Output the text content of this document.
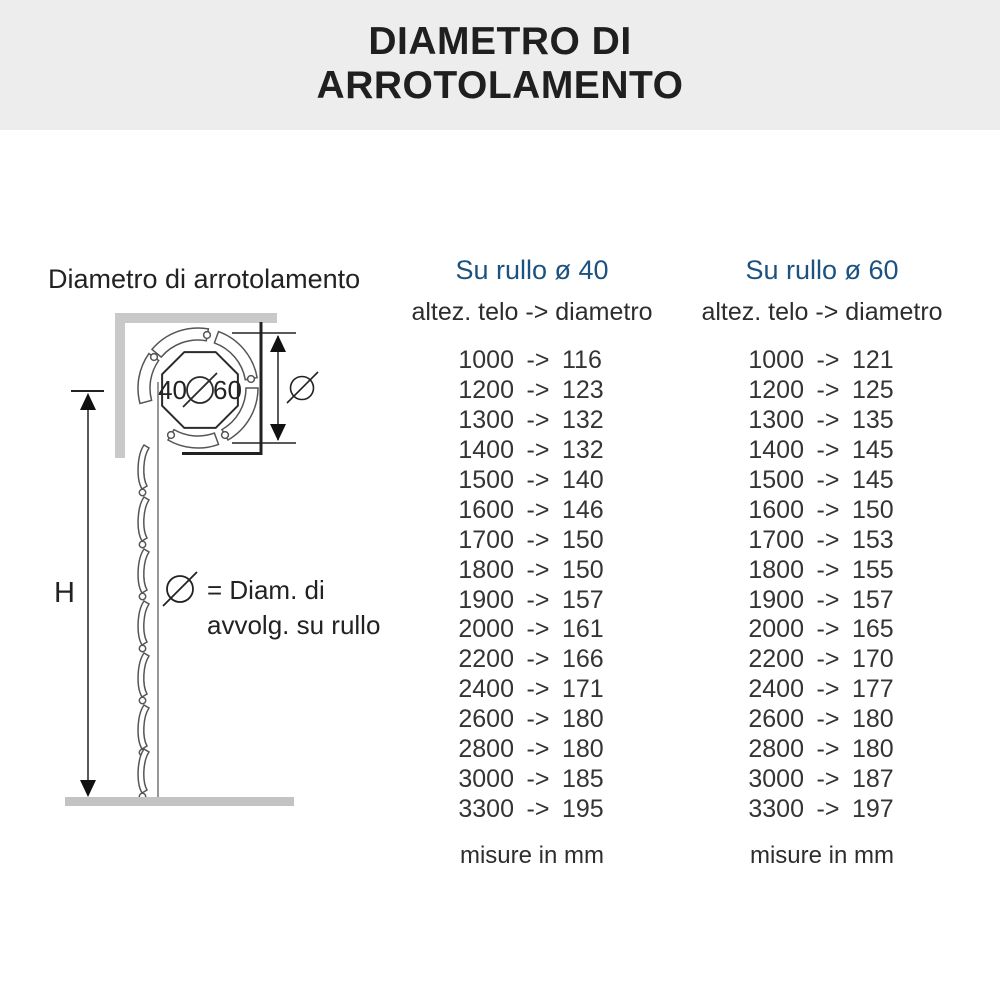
DIAMETRO DI
ARROTOLAMENTO
Diametro di arrotolamento
40 60
H	= Diam. di
avvolg. su rullo
Su rullo ø 40
altez. telo -> diametro
1000 -> 116
1200 -> 123
1300 -> 132
1400 -> 132
1500 -> 140
1600 -> 146
1700 -> 150
1800 -> 150
1900 -> 157
2000 -> 161
2200 -> 166
2400 -> 171
2600 -> 180
2800 -> 180
3000 -> 185
3300 -> 195
misure in mm
Su rullo ø 60
altez. telo -> diametro
1000 -> 121
1200 -> 125
1300 -> 135
1400 -> 145
1500 -> 145
1600 -> 150
1700 -> 153
1800 -> 155
1900 -> 157
2000 -> 165
2200 -> 170
2400 -> 177
2600 -> 180
2800 -> 180
3000 -> 187
3300 -> 197
misure in mm
